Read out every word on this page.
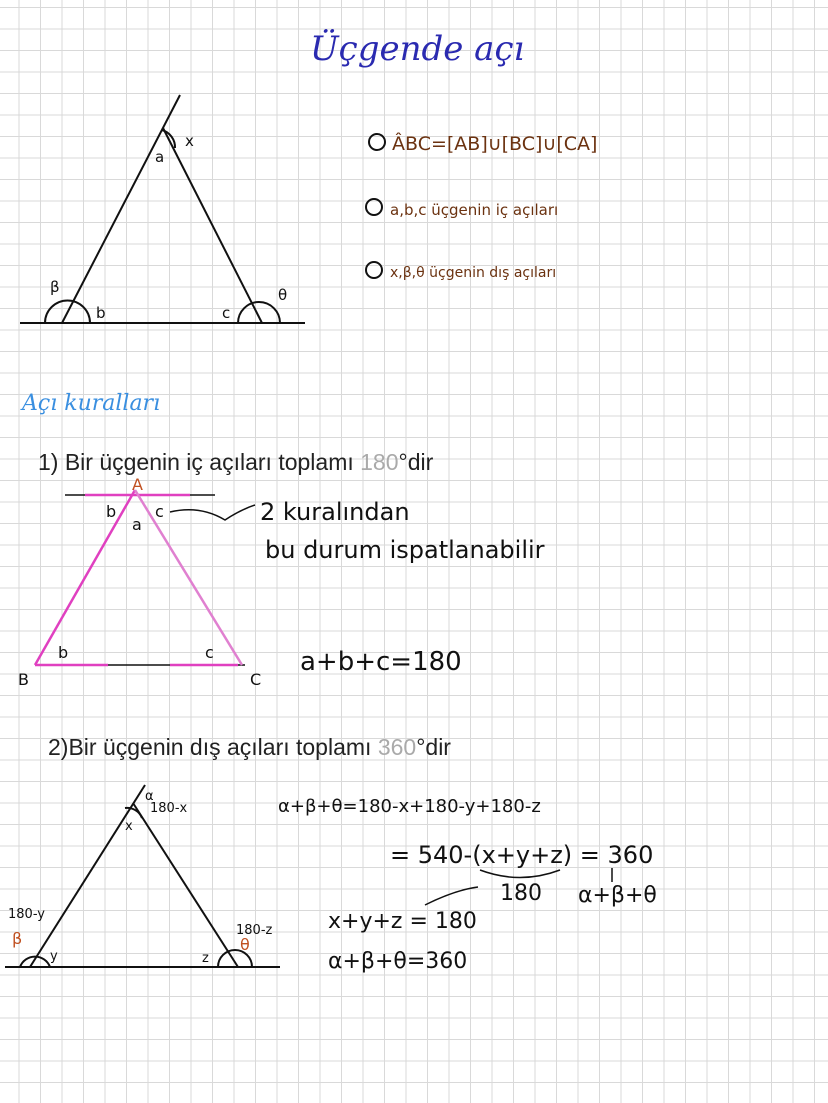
Üçgende açı
a
b	c
β
x
θ
ÂBC=[AB]∪[BC]∪[CA]
a,b,c üçgenin iç açıları
x,β,θ üçgenin dış açıları
Açı kuralları
1) Bir üçgenin iç açıları toplamı 180°dir
A
B	C
a
b c
b	c
2 kuralından
bu durum ispatlanabilir
a+b+c=180
2)Bir üçgenin dış açıları toplamı 360°dir
x
α
180-x
180-y
β
y	z
180-z
θ
α+β+θ=180-x+180-y+180-z
= 540-(x+y+z) = 360
180 α+β+θ
x+y+z = 180
α+β+θ=360
